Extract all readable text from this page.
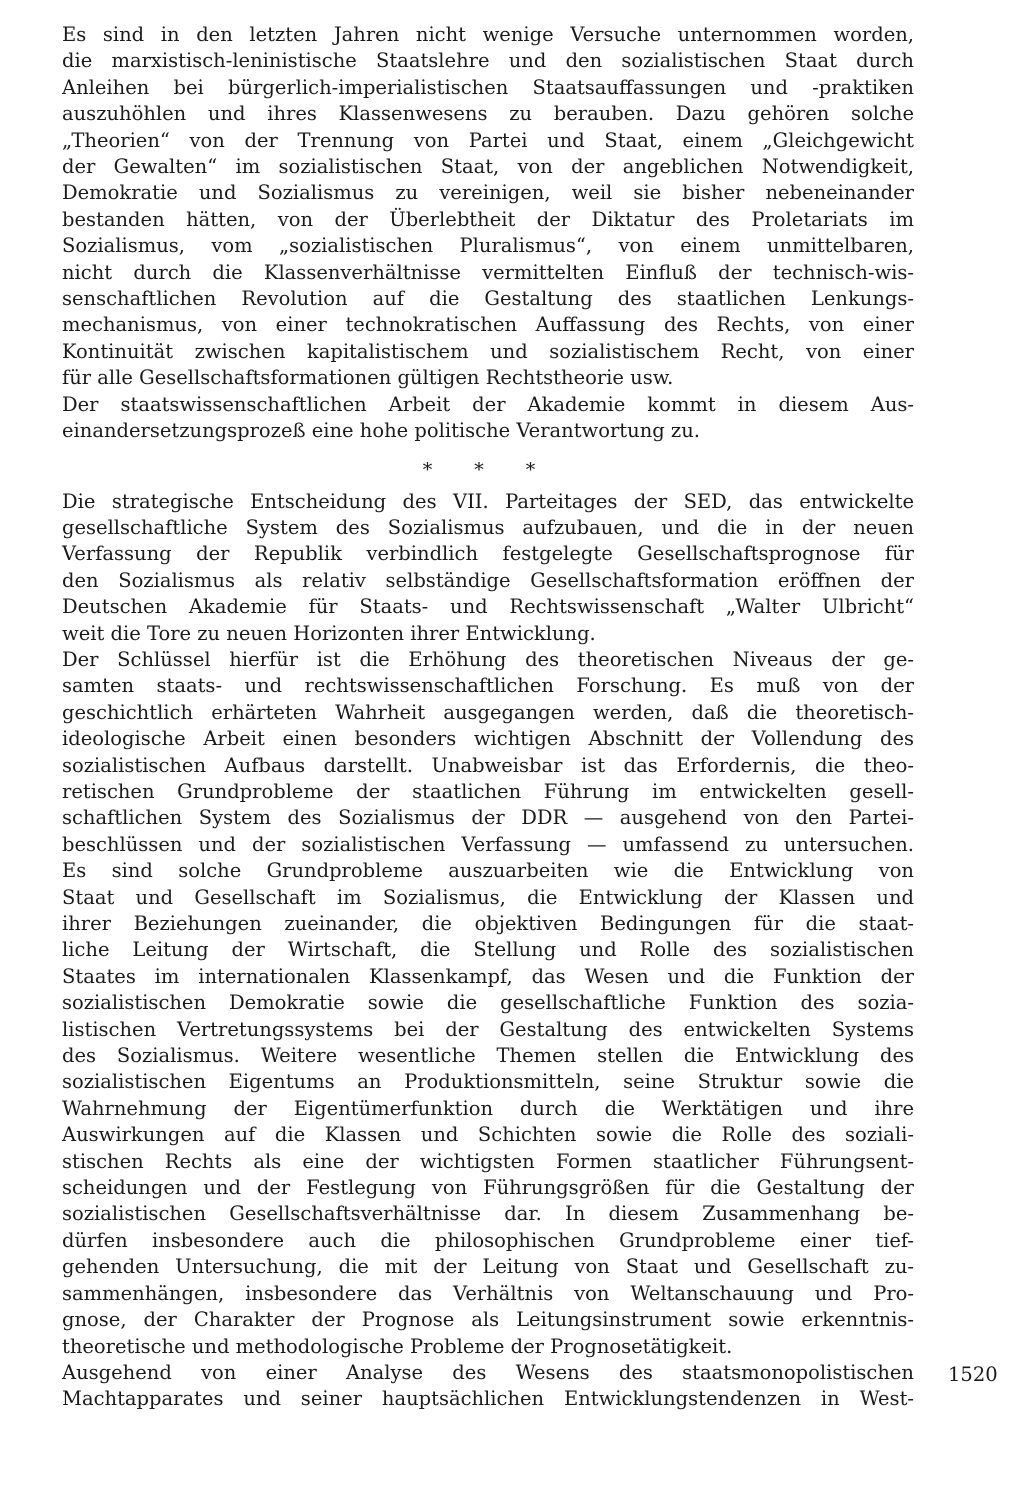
Es sind in den letzten Jahren nicht wenige Versuche unternommen worden,
die marxistisch-leninistische Staatslehre und den sozialistischen Staat durch
Anleihen bei bürgerlich-imperialistischen Staatsauffassungen und -praktiken
auszuhöhlen und ihres Klassenwesens zu berauben. Dazu gehören solche
„Theorien“ von der Trennung von Partei und Staat, einem „Gleichgewicht
der Gewalten“ im sozialistischen Staat, von der angeblichen Notwendigkeit,
Demokratie und Sozialismus zu vereinigen, weil sie bisher nebeneinander
bestanden hätten, von der Überlebtheit der Diktatur des Proletariats im
Sozialismus, vom „sozialistischen Pluralismus“, von einem unmittelbaren,
nicht durch die Klassenverhältnisse vermittelten Einfluß der technisch-wis-
senschaftlichen Revolution auf die Gestaltung des staatlichen Lenkungs-
mechanismus, von einer technokratischen Auffassung des Rechts, von einer
Kontinuität zwischen kapitalistischem und sozialistischem Recht, von einer
für alle Gesellschaftsformationen gültigen Rechtstheorie usw.

Der staatswissenschaftlichen Arbeit der Akademie kommt in diesem Aus-
einandersetzungsprozeß eine hohe politische Verantwortung zu.

* * *

Die strategische Entscheidung des VII. Parteitages der SED, das entwickelte
gesellschaftliche System des Sozialismus aufzubauen, und die in der neuen
Verfassung der Republik verbindlich festgelegte Gesellschaftsprognose für
den Sozialismus als relativ selbständige Gesellschaftsformation eröffnen der
Deutschen Akademie für Staats- und Rechtswissenschaft „Walter Ulbricht“
weit die Tore zu neuen Horizonten ihrer Entwicklung.

Der Schlüssel hierfür ist die Erhöhung des theoretischen Niveaus der ge-
samten staats- und rechtswissenschaftlichen Forschung. Es muß von der
geschichtlich erhärteten Wahrheit ausgegangen werden, daß die theoretisch-
ideologische Arbeit einen besonders wichtigen Abschnitt der Vollendung des
sozialistischen Aufbaus darstellt. Unabweisbar ist das Erfordernis, die theo-
retischen Grundprobleme der staatlichen Führung im entwickelten gesell-
schaftlichen System des Sozialismus der DDR — ausgehend von den Partei-
beschlüssen und der sozialistischen Verfassung — umfassend zu untersuchen.
Es sind solche Grundprobleme auszuarbeiten wie die Entwicklung von
Staat und Gesellschaft im Sozialismus, die Entwicklung der Klassen und
ihrer Beziehungen zueinander, die objektiven Bedingungen für die staat-
liche Leitung der Wirtschaft, die Stellung und Rolle des sozialistischen
Staates im internationalen Klassenkampf, das Wesen und die Funktion der
sozialistischen Demokratie sowie die gesellschaftliche Funktion des sozia-
listischen Vertretungssystems bei der Gestaltung des entwickelten Systems
des Sozialismus. Weitere wesentliche Themen stellen die Entwicklung des
sozialistischen Eigentums an Produktionsmitteln, seine Struktur sowie die
Wahrnehmung der Eigentümerfunktion durch die Werktätigen und ihre
Auswirkungen auf die Klassen und Schichten sowie die Rolle des soziali-
stischen Rechts als eine der wichtigsten Formen staatlicher Führungsent-
scheidungen und der Festlegung von Führungsgrößen für die Gestaltung der
sozialistischen Gesellschaftsverhältnisse dar. In diesem Zusammenhang be-
dürfen insbesondere auch die philosophischen Grundprobleme einer tief-
gehenden Untersuchung, die mit der Leitung von Staat und Gesellschaft zu-
sammenhängen, insbesondere das Verhältnis von Weltanschauung und Pro-
gnose, der Charakter der Prognose als Leitungsinstrument sowie erkenntnis-
theoretische und methodologische Probleme der Prognosetätigkeit.

Ausgehend von einer Analyse des Wesens des staatsmonopolistischen
Machtapparates und seiner hauptsächlichen Entwicklungstendenzen in West-

1520
